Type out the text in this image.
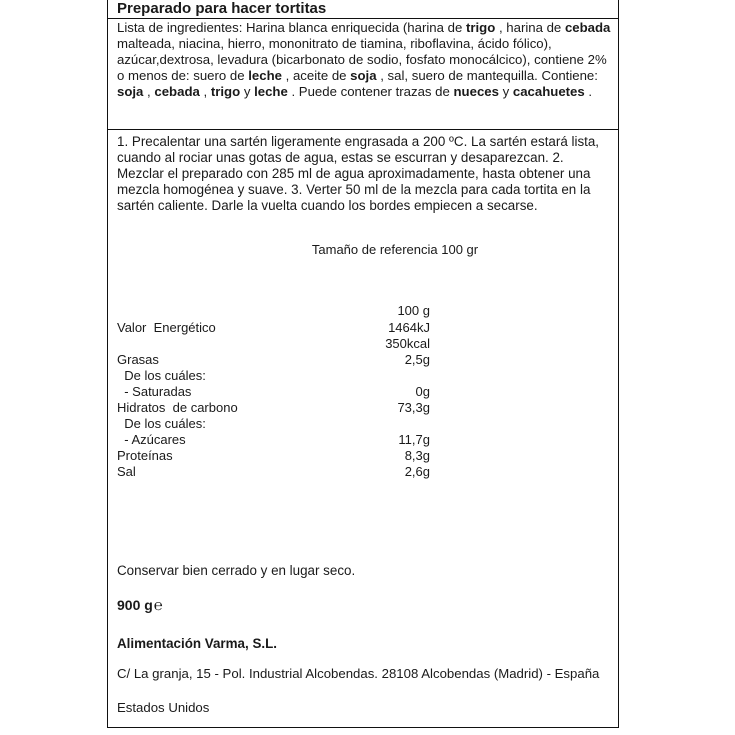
Preparado para hacer tortitas
Lista de ingredientes: Harina blanca enriquecida (harina de trigo , harina de cebada malteada, niacina, hierro, mononitrato de tiamina, riboflavina, ácido fólico), azúcar,dextrosa, levadura (bicarbonato de sodio, fosfato monocálcico), contiene 2% o menos de: suero de leche , aceite de soja , sal, suero de mantequilla. Contiene: soja , cebada , trigo y leche . Puede contener trazas de nueces y cacahuetes .
1. Precalentar una sartén ligeramente engrasada a 200 ºC. La sartén estará lista, cuando al rociar unas gotas de agua, estas se escurran y desaparezcan. 2. Mezclar el preparado con 285 ml de agua aproximadamente, hasta obtener una mezcla homogénea y suave. 3. Verter 50 ml de la mezcla para cada tortita en la sartén caliente. Darle la vuelta cuando los bordes empiecen a secarse.
Tamaño de referencia 100 gr
100 g
Valor  Energético	1464kJ
350kcal
Grasas	2,5g
De los cuáles:
- Saturadas	0g
Hidratos  de carbono	73,3g
De los cuáles:
- Azúcares	11,7g
Proteínas	8,3g
Sal	2,6g
Conservar bien cerrado y en lugar seco.
900 g℮
Alimentación Varma, S.L.
C/ La granja, 15 - Pol. Industrial Alcobendas. 28108 Alcobendas (Madrid) - España
Estados Unidos
